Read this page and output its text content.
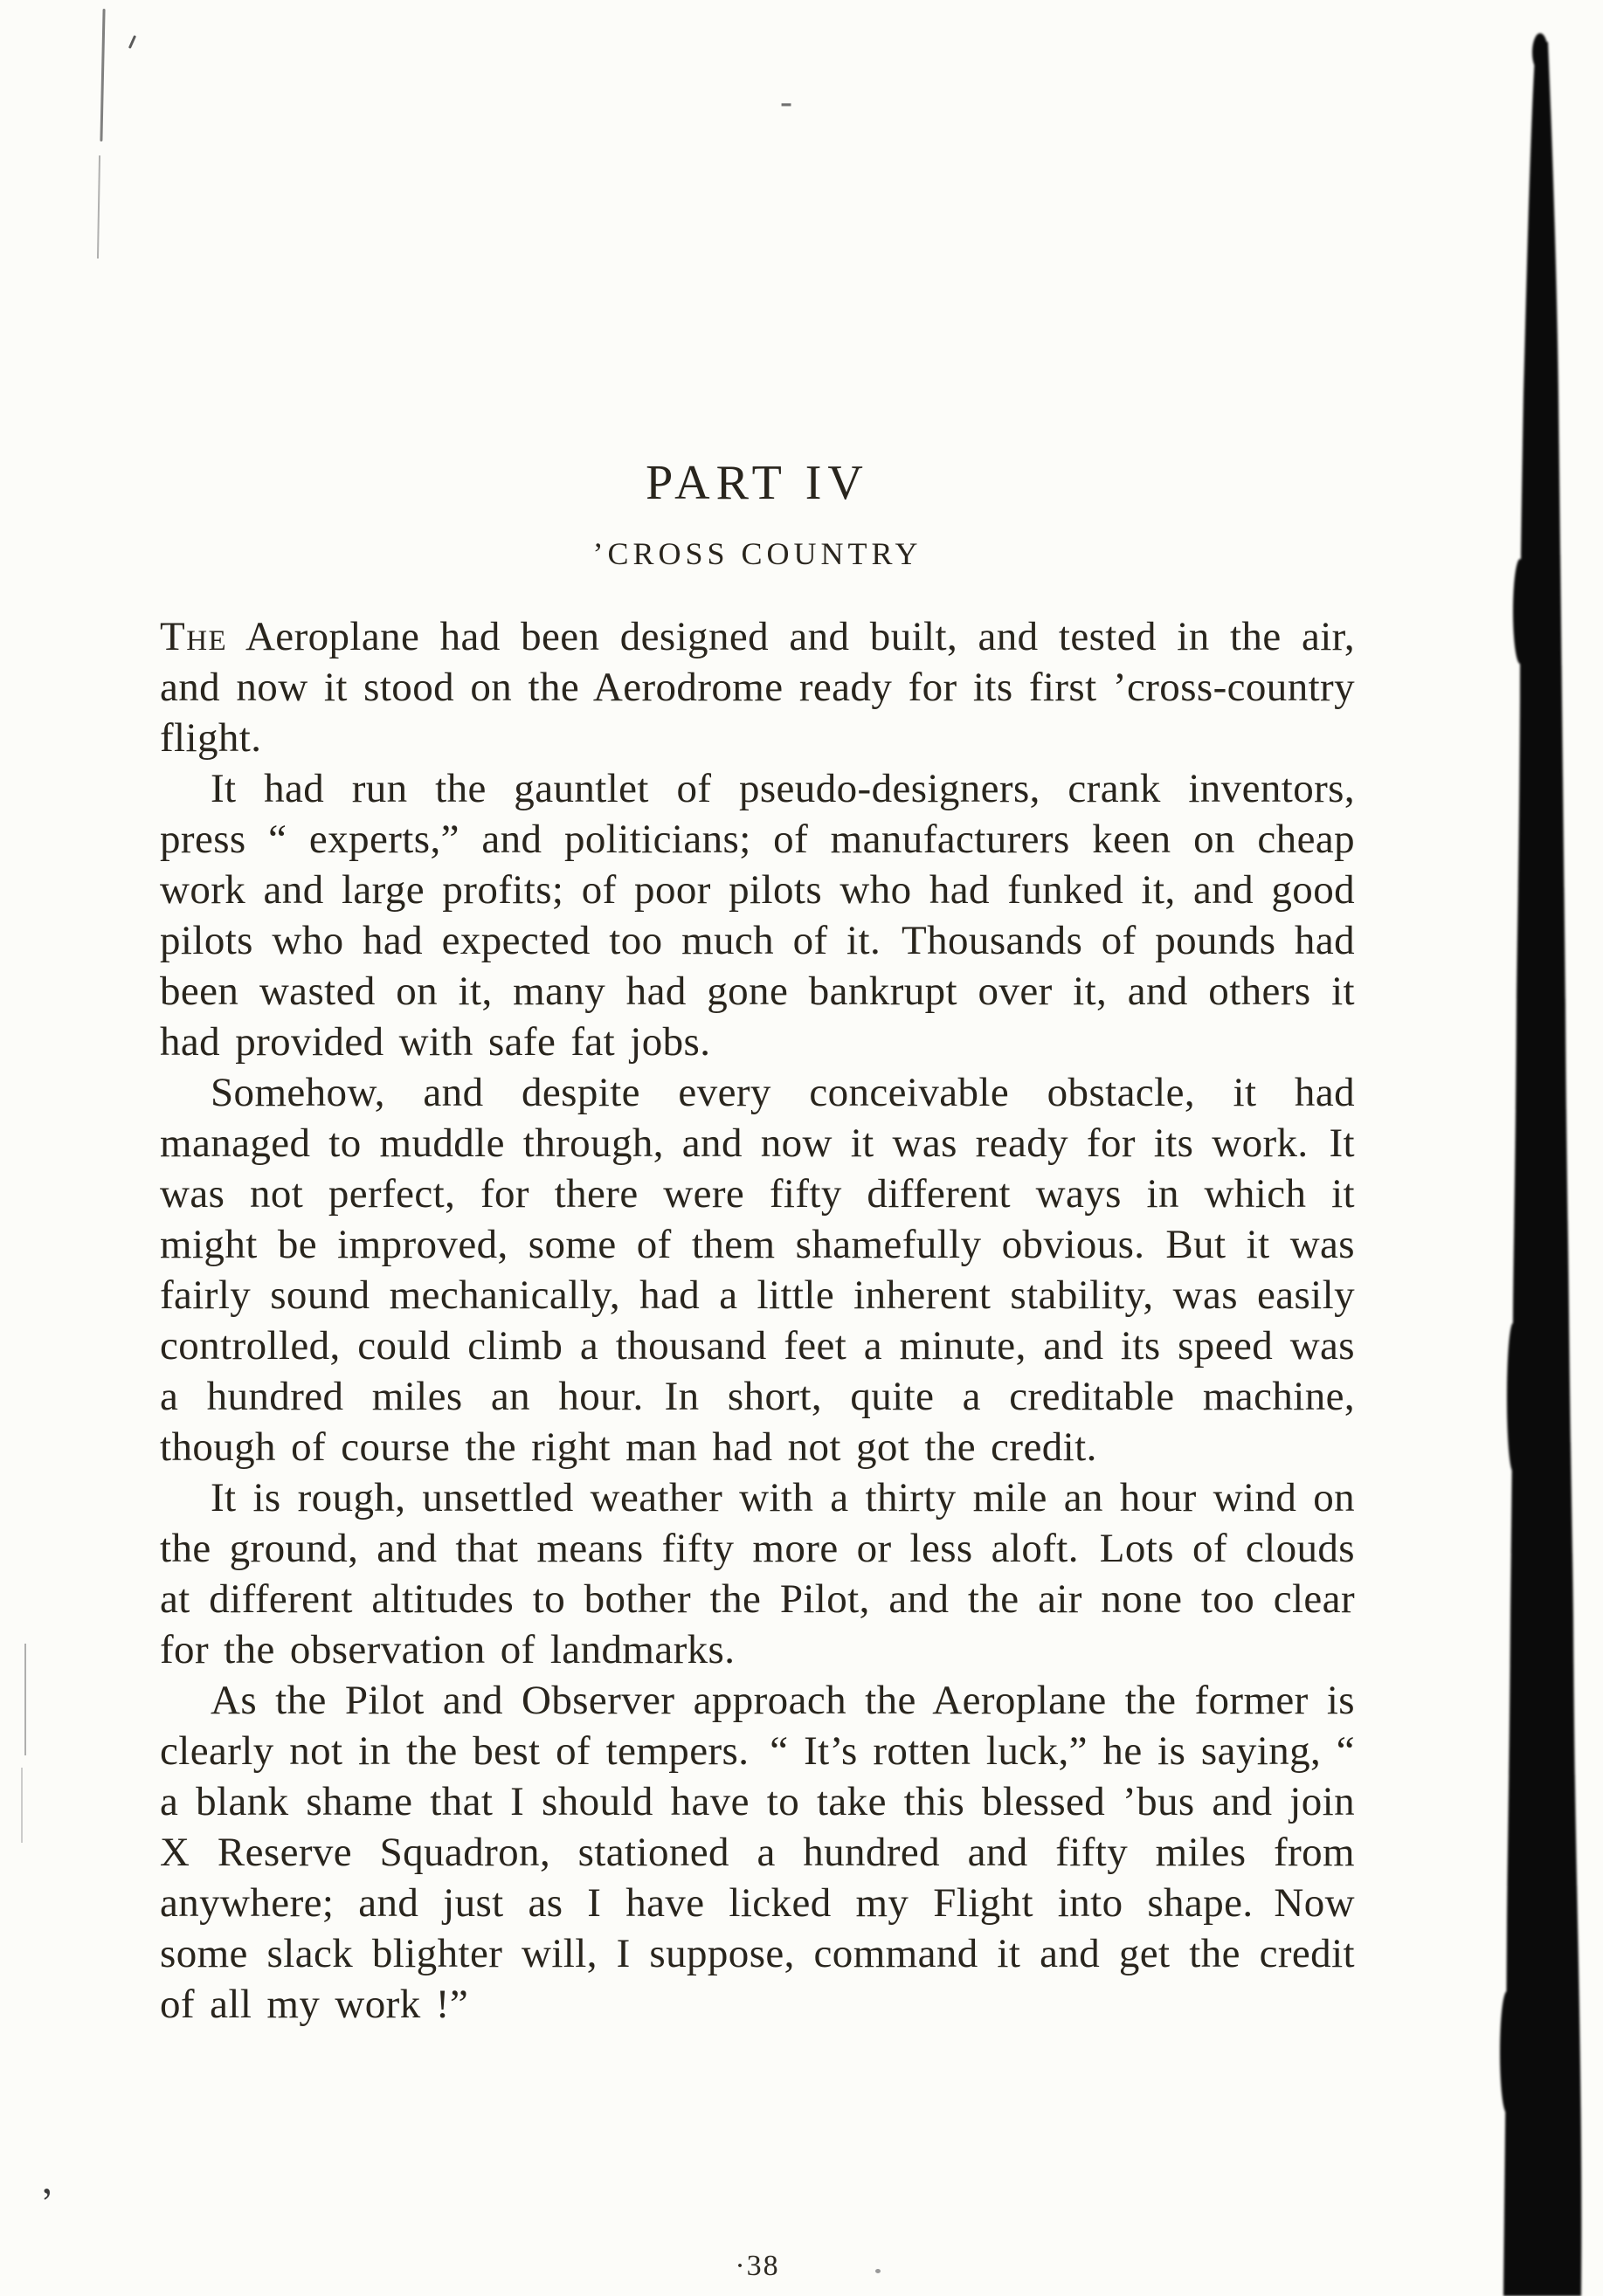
-
,
PART IV
’CROSS COUNTRY

The Aeroplane had been designed and built, and tested in the air, and now it stood on the Aerodrome ready for its first ’cross-country flight.

It had run the gauntlet of pseudo-designers, crank inventors, press “ experts,” and politicians; of manufacturers keen on cheap work and large profits; of poor pilots who had funked it, and good pilots who had expected too much of it. Thousands of pounds had been wasted on it, many had gone bankrupt over it, and others it had provided with safe fat jobs.

Somehow, and despite every conceivable obstacle, it had managed to muddle through, and now it was ready for its work. It was not perfect, for there were fifty different ways in which it might be improved, some of them shamefully obvious. But it was fairly sound mechanically, had a little inherent stability, was easily controlled, could climb a thousand feet a minute, and its speed was a hundred miles an hour. In short, quite a creditable machine, though of course the right man had not got the credit.

It is rough, unsettled weather with a thirty mile an hour wind on the ground, and that means fifty more or less aloft. Lots of clouds at different altitudes to bother the Pilot, and the air none too clear for the observation of landmarks.

As the Pilot and Observer approach the Aeroplane the former is clearly not in the best of tempers. “ It’s rotten luck,” he is saying, “ a blank shame that I should have to take this blessed ’bus and join X Reserve Squadron, stationed a hundred and fifty miles from anywhere; and just as I have licked my Flight into shape. Now some slack blighter will, I suppose, command it and get the credit of all my work !”

·38
